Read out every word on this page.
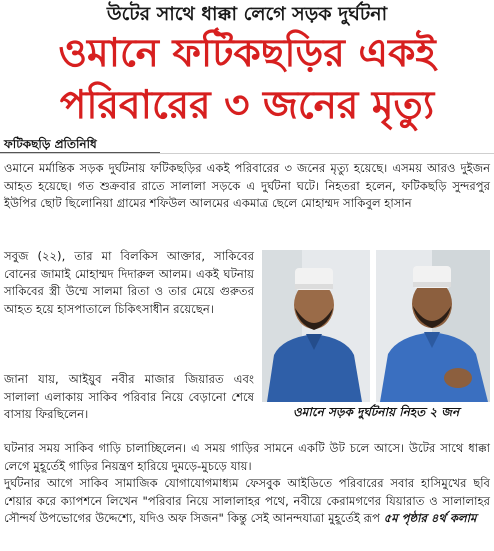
উটের সাথে ধাক্কা লেগে সড়ক দুর্ঘটনা
ওমানে ফটিকছড়ির একই
পরিবারের ৩ জনের মৃত্যু
ফটিকছড়ি প্রতিনিধি
ওমানে মর্মান্তিক সড়ক দুর্ঘটনায় ফটিকছড়ির একই পরিবারের ৩ জনের মৃত্যু হয়েছে। এসময় আরও দুইজন আহত হয়েছে। গত শুক্রবার রাতে সালালা সড়কে এ দুর্ঘটনা ঘটে। নিহতরা হলেন, ফটিকছড়ি সুন্দরপুর ইউপির ছোট ছিলোনিয়া গ্রামের শফিউল আলমের একমাত্র ছেলে মোহাম্মদ সাকিবুল হাসান
সবুজ (২২), তার মা বিলকিস আক্তার, সাকিবের বোনের জামাই মোহাম্মদ দিদারুল আলম। একই ঘটনায় সাকিবের স্ত্রী উম্মে সালমা রিতা ও তার মেয়ে গুরুতর আহত হয়ে হাসপাতালে চিকিৎসাধীন রয়েছেন।
জানা যায়, আইয়ুব নবীর মাজার জিয়ারত এবং সালালা এলাকায় সাকিব পরিবার নিয়ে বেড়ানো শেষে বাসায় ফিরছিলেন।	ওমানে সড়ক দুর্ঘটনায় নিহত ২ জন
ঘটনার সময় সাকিব গাড়ি চালাচ্ছিলেন। এ সময় গাড়ির সামনে একটি উট চলে আসে। উটের সাথে ধাক্কা লেগে মুহূর্তেই গাড়ির নিয়ন্ত্রণ হারিয়ে দুমড়ে-মুচড়ে যায়।
দুর্ঘটনার আগে সাকিব সামাজিক যোগাযোগমাধ্যম ফেসবুক আইডিতে পরিবারের সবার হাসিমুখের ছবি শেয়ার করে ক্যাপশনে লিখেন "পরিবার নিয়ে সালালাহর পথে, নবীয়ে কেরামগণের যিয়ারাত ও সালালাহর সৌন্দর্য উপভোগের উদ্দেশ্যে, যদিও অফ সিজন" কিন্তু সেই আনন্দযাত্রা মুহূর্তেই রূপ ৫ম পৃষ্ঠার ৪র্থ কলাম
